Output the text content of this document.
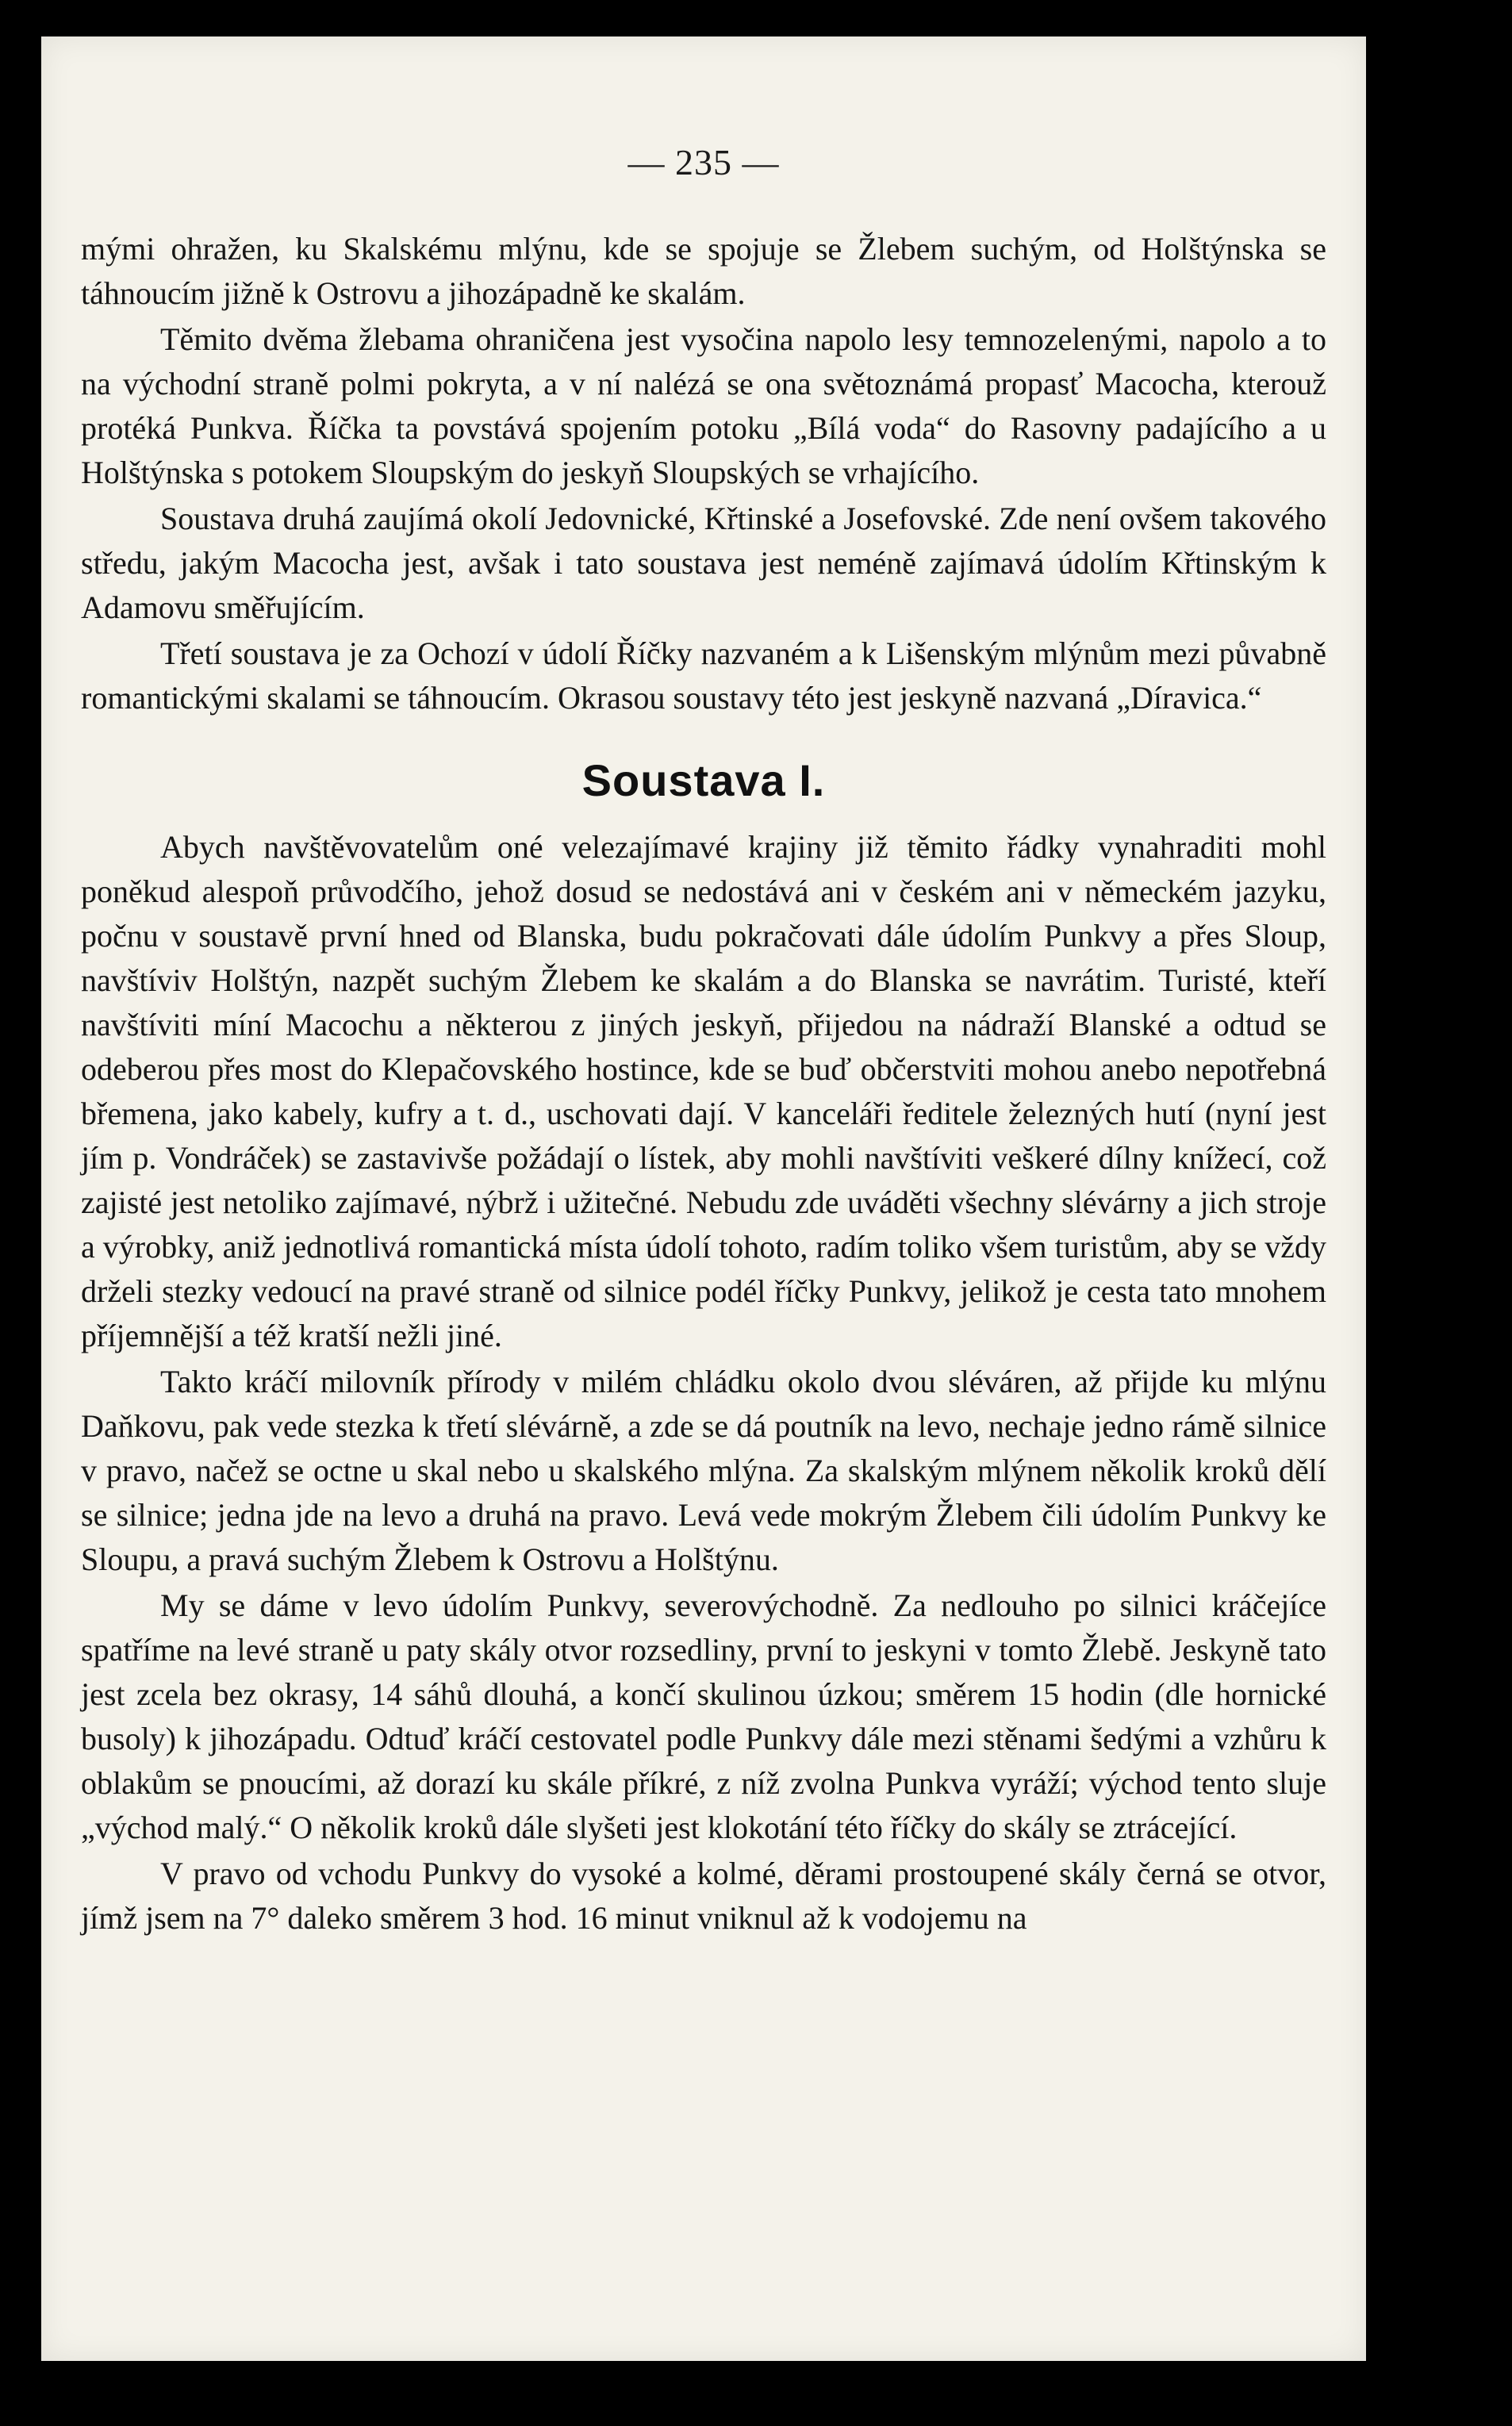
— 235 —

mými ohražen, ku Skalskému mlýnu, kde se spojuje se Žlebem suchým, od Holštýnska se táhnoucím jižně k Ostrovu a jihozápadně ke skalám.

Těmito dvěma žlebama ohraničena jest vysočina napolo lesy temnozelenými, napolo a to na východní straně polmi pokryta, a v ní nalézá se ona světoznámá propasť Macocha, kterouž protéká Punkva. Říčka ta povstává spojením potoku „Bílá voda“ do Rasovny padajícího a u Holštýnska s potokem Sloupským do jeskyň Sloupských se vrhajícího.

Soustava druhá zaujímá okolí Jedovnické, Křtinské a Josefovské. Zde není ovšem takového středu, jakým Macocha jest, avšak i tato soustava jest neméně zajímavá údolím Křtinským k Adamovu směřujícím.

Třetí soustava je za Ochozí v údolí Říčky nazvaném a k Lišenským mlýnům mezi půvabně romantickými skalami se táhnoucím. Okrasou soustavy této jest jeskyně nazvaná „Díravica.“

Soustava I.

Abych navštěvovatelům oné velezajímavé krajiny již těmito řádky vynahraditi mohl poněkud alespoň průvodčího, jehož dosud se nedostává ani v českém ani v německém jazyku, počnu v soustavě první hned od Blanska, budu pokračovati dále údolím Punkvy a přes Sloup, navštíviv Holštýn, nazpět suchým Žlebem ke skalám a do Blanska se navrátim. Turisté, kteří navštíviti míní Macochu a některou z jiných jeskyň, přijedou na nádraží Blanské a odtud se odeberou přes most do Klepačovského hostince, kde se buď občerstviti mohou anebo nepotřebná břemena, jako kabely, kufry a t. d., uschovati dají. V kanceláři ředitele železných hutí (nyní jest jím p. Vondráček) se zastavivše požádají o lístek, aby mohli navštíviti veškeré dílny knížecí, což zajisté jest netoliko zajímavé, nýbrž i užitečné. Nebudu zde uváděti všechny slévárny a jich stroje a výrobky, aniž jednotlivá romantická místa údolí tohoto, radím toliko všem turistům, aby se vždy drželi stezky vedoucí na pravé straně od silnice podél říčky Punkvy, jelikož je cesta tato mnohem příjemnější a též kratší nežli jiné.

Takto kráčí milovník přírody v milém chládku okolo dvou sléváren, až přijde ku mlýnu Daňkovu, pak vede stezka k třetí slévárně, a zde se dá poutník na levo, nechaje jedno rámě silnice v pravo, načež se octne u skal nebo u skalského mlýna. Za skalským mlýnem několik kroků dělí se silnice; jedna jde na levo a druhá na pravo. Levá vede mokrým Žlebem čili údolím Punkvy ke Sloupu, a pravá suchým Žlebem k Ostrovu a Holštýnu.

My se dáme v levo údolím Punkvy, severovýchodně. Za nedlouho po silnici kráčejíce spatříme na levé straně u paty skály otvor rozsedliny, první to jeskyni v tomto Žlebě. Jeskyně tato jest zcela bez okrasy, 14 sáhů dlouhá, a končí skulinou úzkou; směrem 15 hodin (dle hornické busoly) k jihozápadu. Odtuď kráčí cestovatel podle Punkvy dále mezi stěnami šedými a vzhůru k oblakům se pnoucími, až dorazí ku skále příkré, z níž zvolna Punkva vyráží; východ tento sluje „východ malý.“ O několik kroků dále slyšeti jest klokotání této říčky do skály se ztrácející.

V pravo od vchodu Punkvy do vysoké a kolmé, děrami prostoupené skály černá se otvor, jímž jsem na 7° daleko směrem 3 hod. 16 minut vniknul až k vodojemu na
